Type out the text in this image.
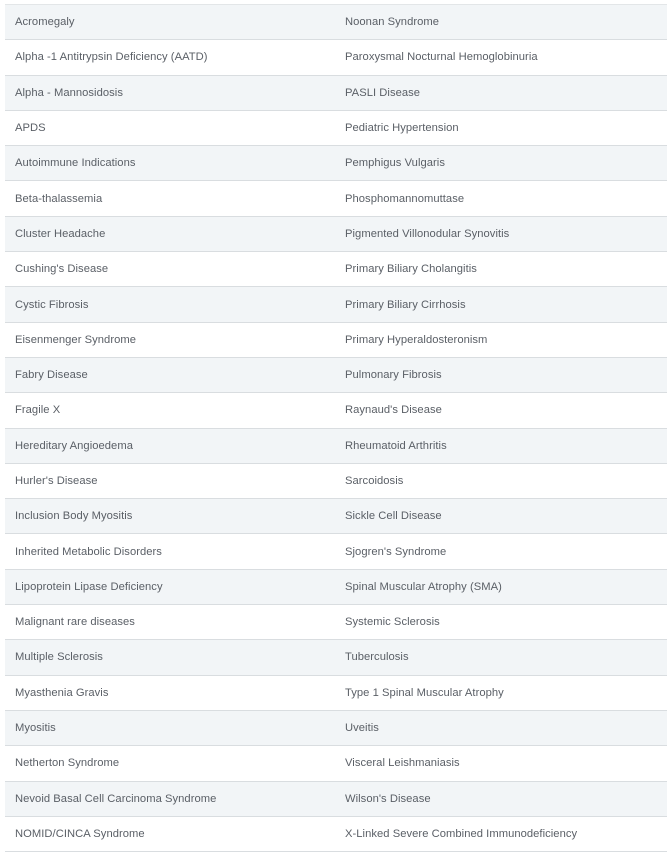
Acromegaly	Noonan Syndrome
Alpha -1 Antitrypsin Deficiency (AATD)	Paroxysmal Nocturnal Hemoglobinuria
Alpha - Mannosidosis	PASLI Disease
APDS	Pediatric Hypertension
Autoimmune Indications	Pemphigus Vulgaris
Beta-thalassemia	Phosphomannomuttase
Cluster Headache	Pigmented Villonodular Synovitis
Cushing's Disease	Primary Biliary Cholangitis
Cystic Fibrosis	Primary Biliary Cirrhosis
Eisenmenger Syndrome	Primary Hyperaldosteronism
Fabry Disease	Pulmonary Fibrosis
Fragile X	Raynaud's Disease
Hereditary Angioedema	Rheumatoid Arthritis
Hurler's Disease	Sarcoidosis
Inclusion Body Myositis	Sickle Cell Disease
Inherited Metabolic Disorders	Sjogren's Syndrome
Lipoprotein Lipase Deficiency	Spinal Muscular Atrophy (SMA)
Malignant rare diseases	Systemic Sclerosis
Multiple Sclerosis	Tuberculosis
Myasthenia Gravis	Type 1 Spinal Muscular Atrophy
Myositis	Uveitis
Netherton Syndrome	Visceral Leishmaniasis
Nevoid Basal Cell Carcinoma Syndrome	Wilson's Disease
NOMID/CINCA Syndrome	X-Linked Severe Combined Immunodeficiency
